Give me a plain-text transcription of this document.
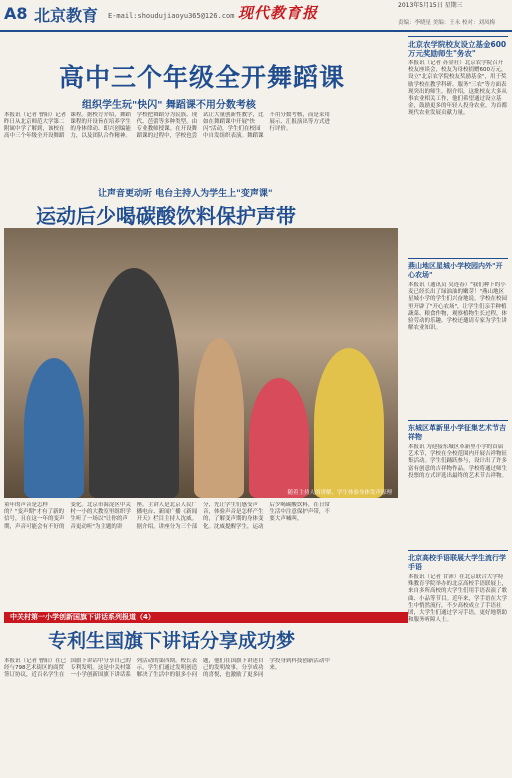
A8 北京教育 E-mail:shoudujiaoyu365@126.com 现代教育报	2013年5月15日 星期三
责编：李晓星 美编：王永 校对：刘凤梅
高中三个年级全开舞蹈课
组织学生玩"快闪" 舞蹈课不用分数考核
本报讯（记者 曹阳）记者昨日从北京师范大学第二附属中学了解到，该校在高中三个年级全开设舞蹈课程。据校方介绍，舞蹈课程的开设旨在培养学生的身体律动、即兴创编能力，以及团队合作精神。学校把舞蹈分为民族、现代、芭蕾等多种类型，由专业教师授课。在开设舞蹈课的过程中，学校也尝试让大量创新性教学，比如在舞蹈课中开展"快闪"活动，学生们在校园中自发组织表演。舞蹈课不用分数考核，而是采用展示、汇报演出等方式进行评价。
让声音更动听 电台主持人为学生上"变声课"
运动后少喝碳酸饮料保护声带
随着主持人的讲解，学生体验身体发声原理
童年的声音是怎样的？"变声期"才有了新的信号，且在这一年的变声期，声音可能会有不好的变化。北京市海淀区中关村一小的大教室里组织学生听了一场以"让你的声音更动听"为主题的讲座。主讲人是北京人民广播电台、新闻广播《新闻开天》栏目主持人沈威。据介绍，讲座分为三个部分，先让学生们感受声音，体验声音是怎样产生的，了解变声期的身体变化。沈威提醒学生，运动后少喝碳酸饮料，在日常生活中注意保护声带，不要大声喊叫。
中关村第一小学创新国旗下讲话系列报道（4）
专利生国旗下讲话分享成功梦
本报讯（记者 曹阳）在已经与798艺术街区的商贸签订协议，近百名学生在国旗下讲话中分享自己的专利发明。这是中关村第一小学创新国旗下讲话系列活动的第四期。校长表示，学生们通过发明创造解决了生活中的很多小问题，他们在国旗下讲述自己的发明故事，分享成功的喜悦，也激励了更多同学投身到科技创新活动中来。
北京农学院校友设立基金600万元奖励师生"务农"
本报讯（记者 苏金社）北京农学院召开校友座谈会，校友为母校捐赠600万元，设立"北京农学院校友奖励基金"，用于奖励学校在教学科研、服务"三农"等方面表现突出的师生。据介绍，这批校友大多从事农业相关工作，他们希望通过设立基金，鼓励更多的年轻人投身农业，为首都现代农业发展贡献力量。
燕山地区星城小学校园内外"开心农场"
本报讯（通讯员 吴连春）"我们种下的小麦已经长出了绿油油的嫩芽！"燕山地区星城小学的学生们兴奋地说。学校在校园里开辟了"开心农场"，让学生们亲手种植蔬菜、粮食作物，观察植物生长过程，体验劳动的乐趣。学校还邀请专家为学生讲解农业知识。
东城区革新里小学征集艺术节吉祥物
本报讯 为迎接东城区革新里小学的首届艺术节，学校在全校范围内开展吉祥物征集活动。学生们踊跃参与，设计出了许多富有创意的吉祥物作品。学校将通过师生投票的方式评选出最终的艺术节吉祥物。
北京高校手语联展大学生流行学手语
本报讯（记者 甘沛）在北京联合大学特殊教育学院举办的北京高校手语联展上，来自多所高校的大学生们用手语表演了歌曲、小品等节目。近年来，学手语在大学生中悄然流行，不少高校成立了手语社团，大学生们通过学习手语，更好地帮助和服务听障人士。
